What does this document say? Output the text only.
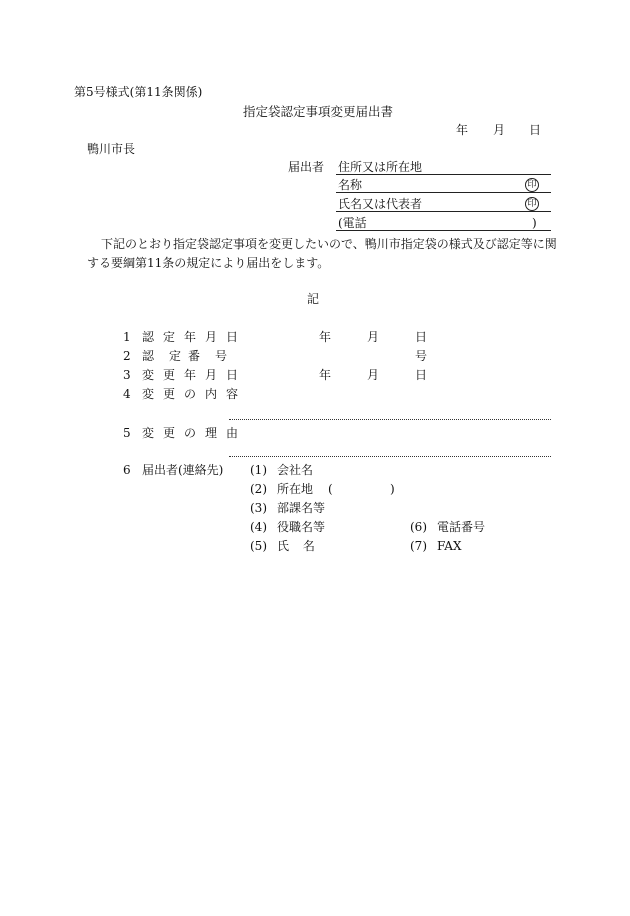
第5号様式(第11条関係)
指定袋認定事項変更届出書
年 月 日
鴨川市長
届出者 住所又は所在地
名称	印
氏名又は代表者	印
(電話	)
下記のとおり指定袋認定事項を変更したいので、鴨川市指定袋の様式及び認定等に関
する要綱第11条の規定により届出をします。
記
1 認定年月日	年	月	日
2 認 定 番 号	号
3 変更年月日	年	月	日
4 変更の内容
5 変更の理由
6 届出者(連絡先) (1) 会社名
(2) 所在地 (	)
(3) 部課名等
(4) 役職名等	(6) 電話番号
(5) 氏 名	(7) FAX
